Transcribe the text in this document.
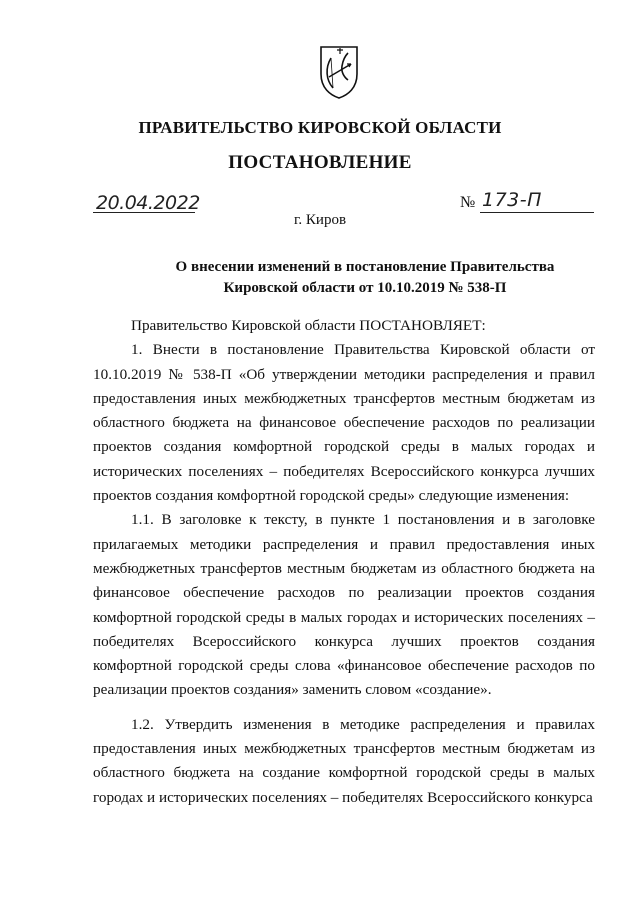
ПРАВИТЕЛЬСТВО КИРОВСКОЙ ОБЛАСТИ
ПОСТАНОВЛЕНИЕ
20.04.2022	№ 173-П
г. Киров
О внесении изменений в постановление Правительства
Кировской области от 10.10.2019 № 538-П

Правительство Кировской области ПОСТАНОВЛЯЕТ:

1. Внести в постановление Правительства Кировской области от 10.10.2019 № 538-П «Об утверждении методики распределения и правил предоставления иных межбюджетных трансфертов местным бюджетам из областного бюджета на финансовое обеспечение расходов по реализации проектов создания комфортной городской среды в малых городах и исторических поселениях – победителях Всероссийского конкурса лучших проектов создания комфортной городской среды» следующие изменения:

1.1. В заголовке к тексту, в пункте 1 постановления и в заголовке прилагаемых методики распределения и правил предоставления иных межбюджетных трансфертов местным бюджетам из областного бюджета на финансовое обеспечение расходов по реализации проектов создания комфортной городской среды в малых городах и исторических поселениях – победителях Всероссийского конкурса лучших проектов создания комфортной городской среды слова «финансовое обеспечение расходов по реализации проектов создания» заменить словом «создание».

1.2. Утвердить изменения в методике распределения и правилах предоставления иных межбюджетных трансфертов местным бюджетам из областного бюджета на создание комфортной городской среды в малых городах и исторических поселениях – победителях Всероссийского конкурса
